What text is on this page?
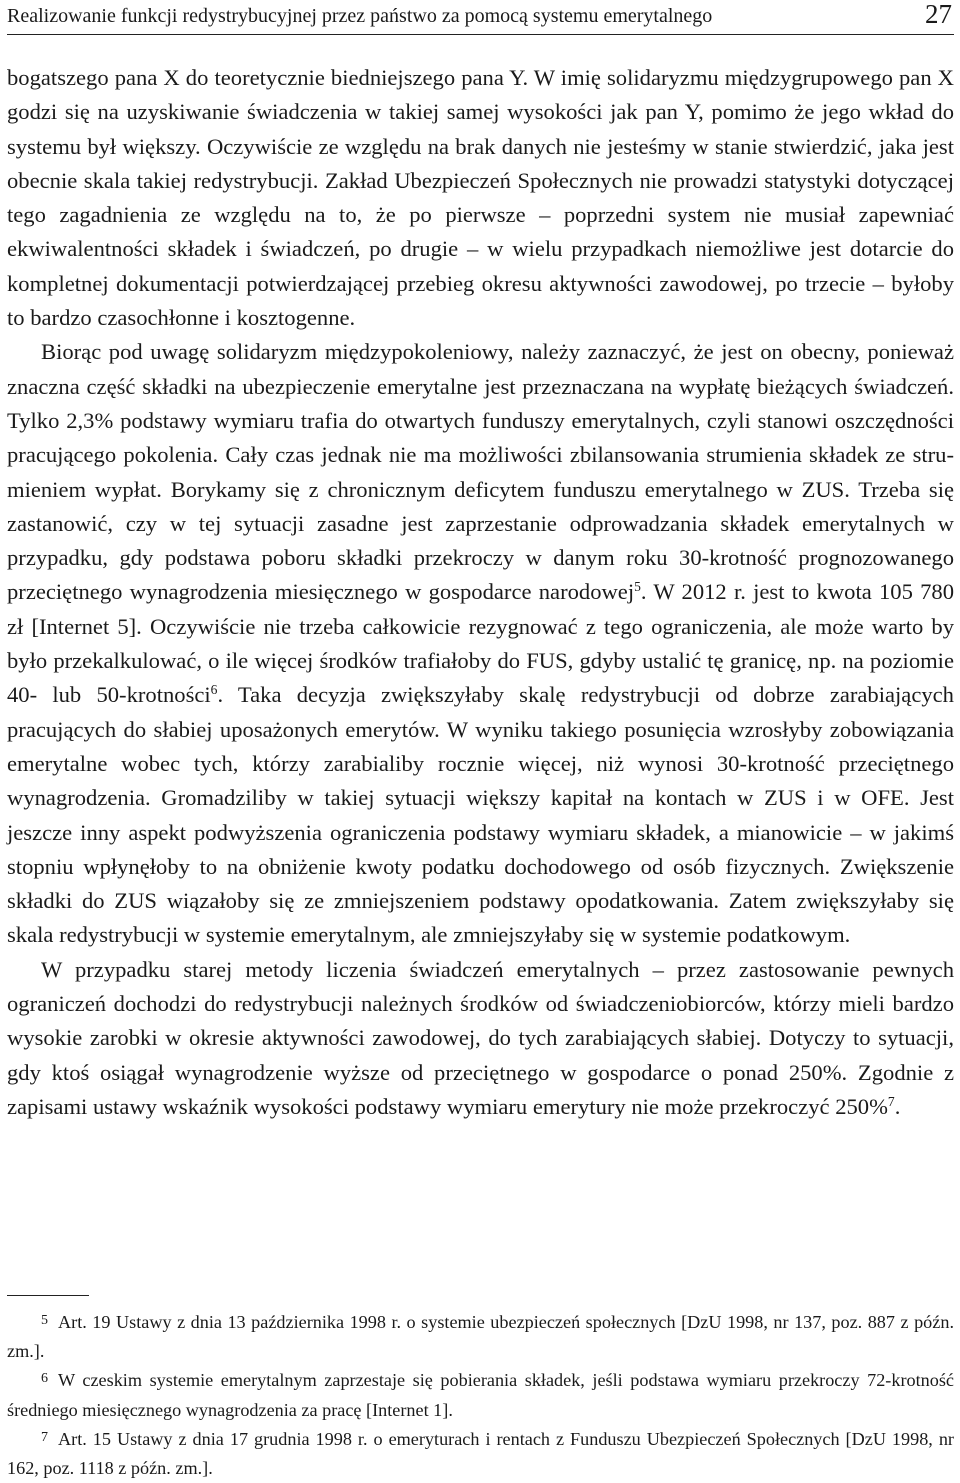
Realizowanie funkcji redystrybucyjnej przez państwo za pomocą systemu emerytalnego	27

bogatszego pana X do teoretycznie biedniejszego pana Y. W imię solidaryzmu międzygrupowego pan X godzi się na uzyskiwanie świadczenia w takiej samej wysokości jak pan Y, pomimo że jego wkład do systemu był większy. Oczywiście ze względu na brak danych nie jesteśmy w stanie stwierdzić, jaka jest obecnie skala takiej redystrybucji. Zakład Ubezpieczeń Społecznych nie prowadzi statystyki dotyczącej tego zagadnienia ze względu na to, że po pierwsze – poprzedni system nie musiał zapewniać ekwiwalentności składek i świadczeń, po drugie – w wielu przypadkach niemożliwe jest dotarcie do kompletnej dokumentacji potwierdzającej przebieg okresu aktywności zawodowej, po trzecie – byłoby to bardzo czasochłonne i kosztogenne.

Biorąc pod uwagę solidaryzm międzypokoleniowy, należy zaznaczyć, że jest on obecny, ponieważ znaczna część składki na ubezpieczenie emerytalne jest przeznaczana na wypłatę bieżących świadczeń. Tylko 2,3% podstawy wymiaru trafia do otwartych funduszy emerytalnych, czyli stanowi oszczędności pracującego pokolenia. Cały czas jednak nie ma możliwości zbilansowania strumienia składek ze strumieniem wypłat. Borykamy się z chronicznym deficytem funduszu emerytalnego w ZUS. Trzeba się zastanowić, czy w tej sytuacji zasadne jest zaprzestanie odprowadzania składek emerytalnych w przypadku, gdy podstawa poboru składki przekroczy w danym roku 30-krotność prognozowanego przeciętnego wynagrodzenia miesięcznego w gospodarce narodowej$^5$. W 2012 r. jest to kwota 105 780 zł [Internet 5]. Oczywiście nie trzeba całkowicie rezygnować z tego ograniczenia, ale może warto by było przekalkulować, o ile więcej środków trafiałoby do FUS, gdyby ustalić tę granicę, np. na poziomie 40- lub 50-krotności$^6$. Taka decyzja zwiększyłaby skalę redystrybucji od dobrze zarabiających pracujących do słabiej uposażonych emerytów. W wyniku takiego posunięcia wzrosłyby zobowiązania emerytalne wobec tych, którzy zarabialiby rocznie więcej, niż wynosi 30-krotność przeciętnego wynagrodzenia. Gromadziliby w takiej sytuacji większy kapitał na kontach w ZUS i w OFE. Jest jeszcze inny aspekt podwyższenia ograniczenia podstawy wymiaru składek, a mianowicie – w jakimś stopniu wpłynęłoby to na obniżenie kwoty podatku dochodowego od osób fizycznych. Zwiększenie składki do ZUS wiązałoby się ze zmniejszeniem podstawy opodatkowania. Zatem zwiększyłaby się skala redystrybucji w systemie emerytalnym, ale zmniejszyłaby się w systemie podatkowym.

W przypadku starej metody liczenia świadczeń emerytalnych – przez zastosowanie pewnych ograniczeń dochodzi do redystrybucji należnych środków od świadczeniobiorców, którzy mieli bardzo wysokie zarobki w okresie aktywności zawodowej, do tych zarabiających słabiej. Dotyczy to sytuacji, gdy ktoś osiągał wynagrodzenie wyższe od przeciętnego w gospodarce o ponad 250%. Zgodnie z zapisami ustawy wskaźnik wysokości podstawy wymiaru emerytury nie może przekroczyć 250%$^7$.

$^5$ Art. 19 Ustawy z dnia 13 października 1998 r. o systemie ubezpieczeń społecznych [DzU 1998, nr 137, poz. 887 z późn. zm.].

$^6$ W czeskim systemie emerytalnym zaprzestaje się pobierania składek, jeśli podstawa wymiaru przekroczy 72-krotność średniego miesięcznego wynagrodzenia za pracę [Internet 1].

$^7$ Art. 15 Ustawy z dnia 17 grudnia 1998 r. o emeryturach i rentach z Funduszu Ubezpieczeń Społecznych [DzU 1998, nr 162, poz. 1118 z późn. zm.].
